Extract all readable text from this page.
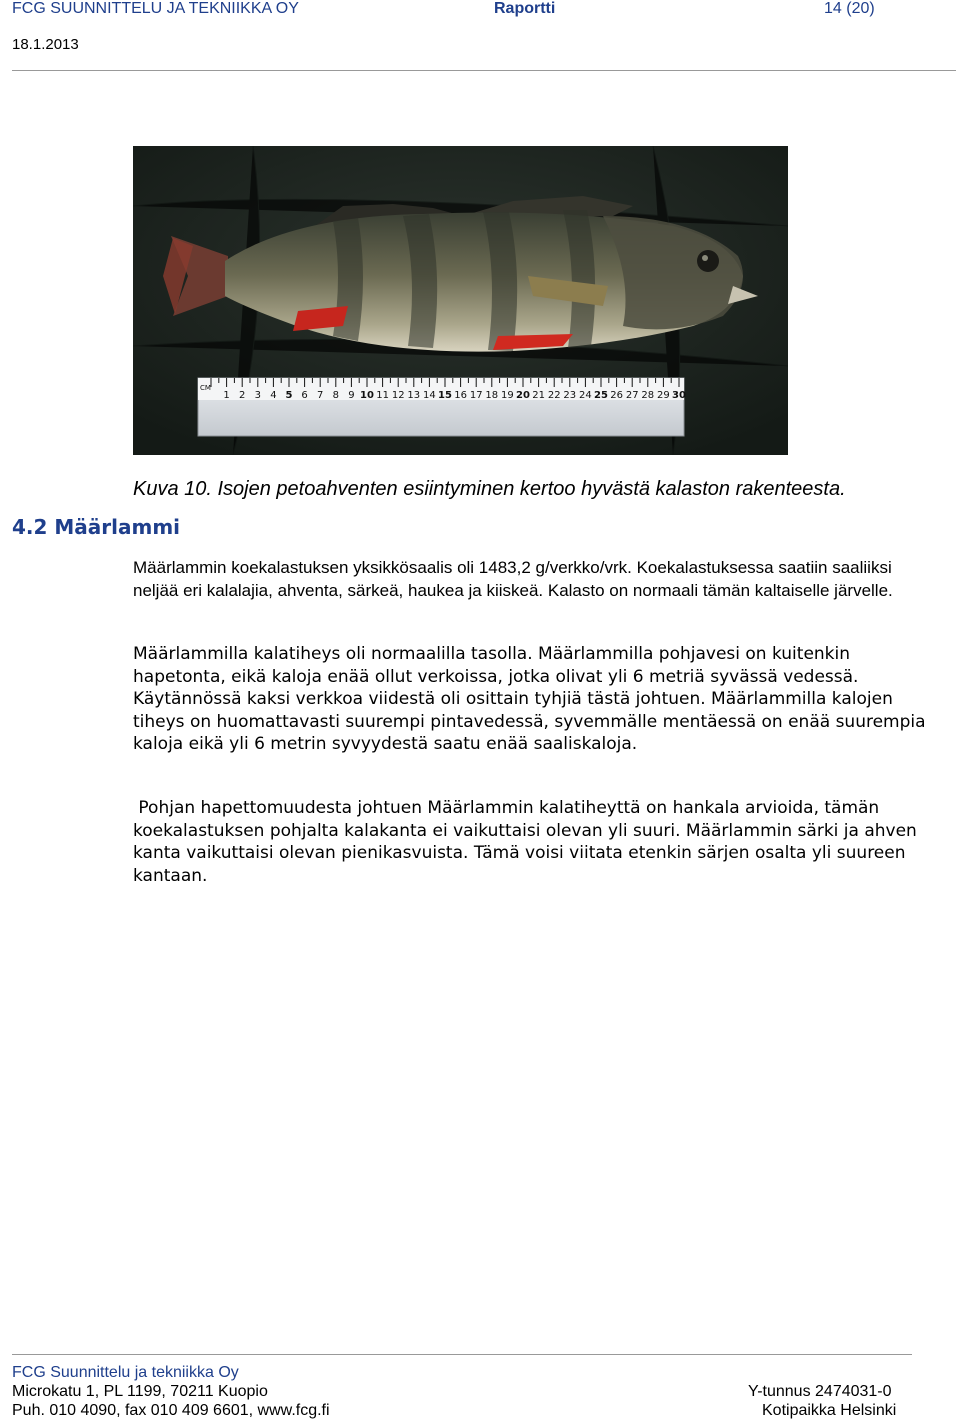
FCG SUUNNITTELU JA TEKNIIKKA OY	Raportti	14 (20)
18.1.2013
1 2 3 4 5 6 7 8 9 10 11 12 13 14 15 16 17 18 19 20 21 22 23 24 25 26 27 28 29 30
CM
Kuva 10. Isojen petoahventen esiintyminen kertoo hyvästä kalaston rakenteesta.
4.2 Määrlammi

Määrlammin koekalastuksen yksikkösaalis oli 1483,2 g/verkko/vrk. Koekalastuksessa saatiin saaliiksi neljää eri kalalajia, ahventa, särkeä, haukea ja kiiskeä. Kalasto on normaali tämän kaltaiselle järvelle.

Määrlammilla kalatiheys oli normaalilla tasolla. Määrlammilla pohjavesi on kuitenkin hapetonta, eikä kaloja enää ollut verkoissa, jotka olivat yli 6 metriä syvässä vedessä. Käytännössä kaksi verkkoa viidestä oli osittain tyhjiä tästä johtuen. Määrlammilla kalojen tiheys on huomattavasti suurempi pintavedessä, syvemmälle mentäessä on enää suurempia kaloja eikä yli 6 metrin syvyydestä saatu enää saaliskaloja.

Pohjan hapettomuudesta johtuen Määrlammin kalatiheyttä on hankala arvioida, tämän koekalastuksen pohjalta kalakanta ei vaikuttaisi olevan yli suuri. Määrlammin särki ja ahven kanta vaikuttaisi olevan pienikasvuista. Tämä voisi viitata etenkin särjen osalta yli suureen kantaan.

FCG Suunnittelu ja tekniikka Oy
Microkatu 1, PL 1199, 70211 Kuopio
Puh. 010 4090, fax 010 409 6601, www.fcg.fi
Y-tunnus 2474031-0
Kotipaikka Helsinki
